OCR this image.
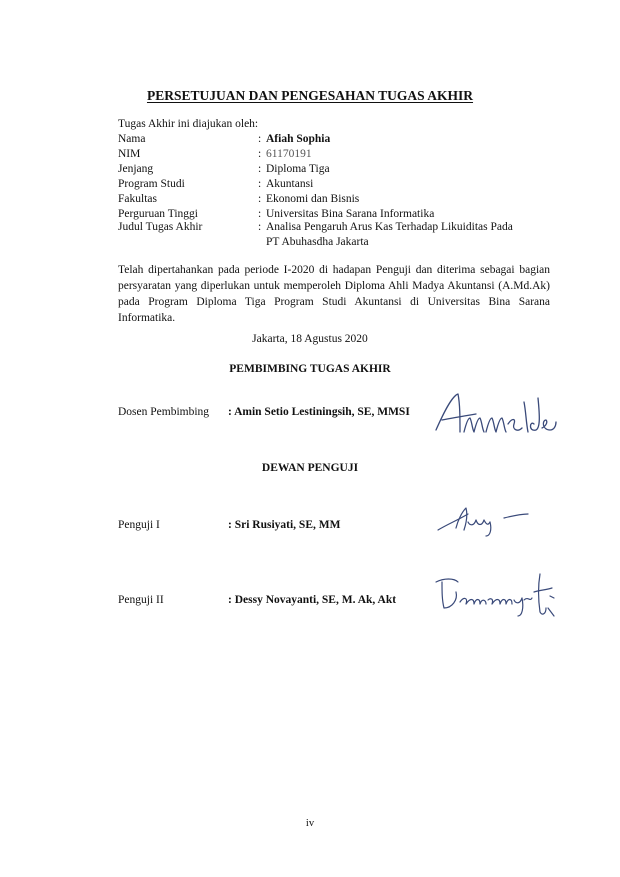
PERSETUJUAN DAN PENGESAHAN TUGAS AKHIR
Tugas Akhir ini diajukan oleh:
Nama	: Afiah Sophia
NIM	: 61170191
Jenjang	: Diploma Tiga
Program Studi	: Akuntansi
Fakultas	: Ekonomi dan Bisnis
Perguruan Tinggi	: Universitas Bina Sarana Informatika
Judul Tugas Akhir	: Analisa Pengaruh Arus Kas Terhadap Likuiditas Pada
PT Abuhasdha Jakarta
Telah dipertahankan pada periode I-2020 di hadapan Penguji dan diterima sebagai bagian persyaratan yang diperlukan untuk memperoleh Diploma Ahli Madya Akuntansi (A.Md.Ak) pada Program Diploma Tiga Program Studi Akuntansi di Universitas Bina Sarana Informatika.
Jakarta, 18 Agustus 2020
PEMBIMBING TUGAS AKHIR
Dosen Pembimbing : Amin Setio Lestiningsih, SE, MMSI
DEWAN PENGUJI
Penguji I	: Sri Rusiyati, SE, MM
Penguji II	: Dessy Novayanti, SE, M. Ak, Akt
iv
